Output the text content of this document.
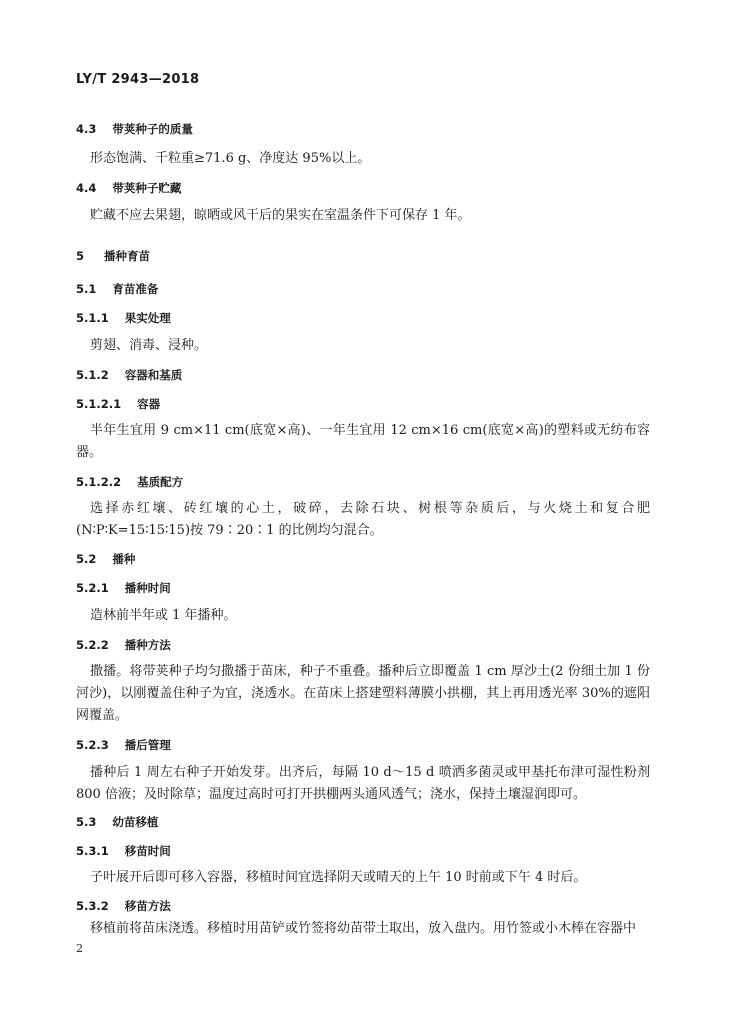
LY/T 2943—2018
4.3 带荚种子的质量
形态饱满、千粒重≥71.6 g、净度达 95%以上。
4.4 带荚种子贮藏
贮藏不应去果翅，晾晒或风干后的果实在室温条件下可保存 1 年。
5 播种育苗
5.1 育苗准备
5.1.1 果实处理
剪翅、消毒、浸种。
5.1.2 容器和基质
5.1.2.1 容器
半年生宜用 9 cm×11 cm(底宽×高)、一年生宜用 12 cm×16 cm(底宽×高)的塑料或无纺布容器。
5.1.2.2 基质配方
选择赤红壤、砖红壤的心土，破碎，去除石块、树根等杂质后，与火烧土和复合肥(N∶P∶K=15∶15∶15)按 79∶20∶1 的比例均匀混合。
5.2 播种
5.2.1 播种时间
造林前半年或 1 年播种。
5.2.2 播种方法
撒播。将带荚种子均匀撒播于苗床，种子不重叠。播种后立即覆盖 1 cm 厚沙土(2 份细土加 1 份河沙)，以刚覆盖住种子为宜，浇透水。在苗床上搭建塑料薄膜小拱棚，其上再用透光率 30%的遮阳网覆盖。
5.2.3 播后管理
播种后 1 周左右种子开始发芽。出齐后，每隔 10 d～15 d 喷洒多菌灵或甲基托布津可湿性粉剂 800 倍液；及时除草；温度过高时可打开拱棚两头通风透气；浇水，保持土壤湿润即可。
5.3 幼苗移植
5.3.1 移苗时间
子叶展开后即可移入容器，移植时间宜选择阴天或晴天的上午 10 时前或下午 4 时后。
5.3.2 移苗方法
移植前将苗床浇透。移植时用苗铲或竹签将幼苗带土取出，放入盘内。用竹签或小木棒在容器中
2
